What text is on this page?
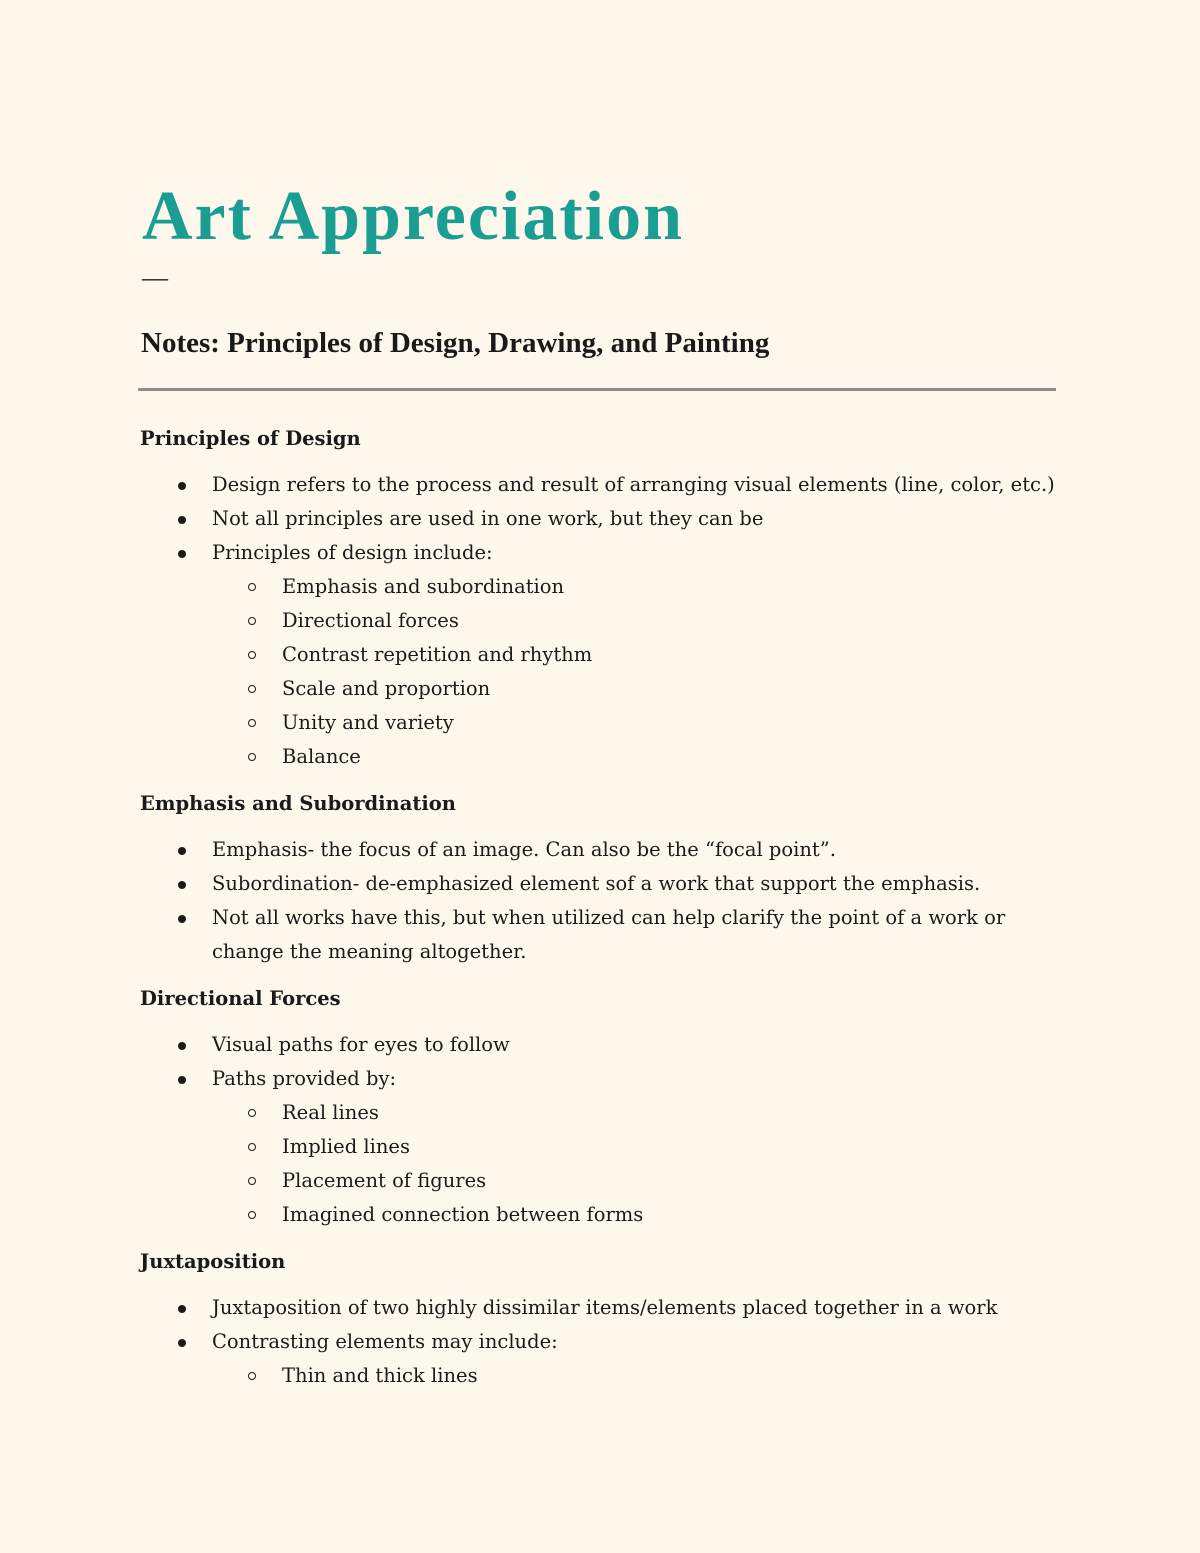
Art Appreciation
—
Notes: Principles of Design, Drawing, and Painting
Principles of Design
Design refers to the process and result of arranging visual elements (line, color, etc.)
Not all principles are used in one work, but they can be
Principles of design include:
Emphasis and subordination
Directional forces
Contrast repetition and rhythm
Scale and proportion
Unity and variety
Balance
Emphasis and Subordination
Emphasis- the focus of an image. Can also be the “focal point”.
Subordination- de-emphasized element sof a work that support the emphasis.
Not all works have this, but when utilized can help clarify the point of a work or change the meaning altogether.
Directional Forces
Visual paths for eyes to follow
Paths provided by:
Real lines
Implied lines
Placement of figures
Imagined connection between forms
Juxtaposition
Juxtaposition of two highly dissimilar items/elements placed together in a work
Contrasting elements may include:
Thin and thick lines
